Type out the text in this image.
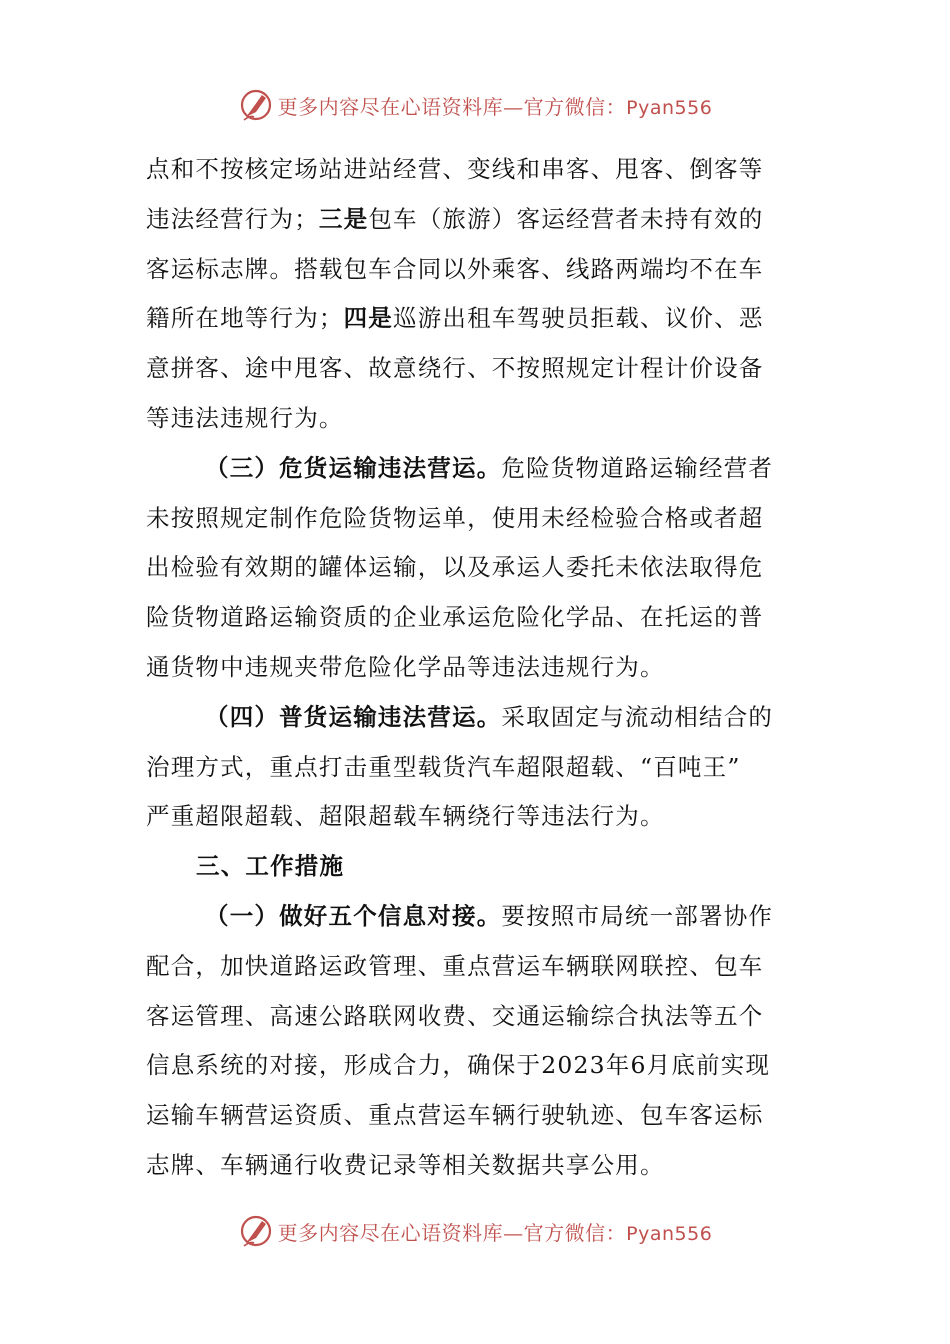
更多内容尽在心语资料库—官方微信：Pyan556
点和不按核定场站进站经营、变线和串客、甩客、倒客等
违法经营行为；三是包车（旅游）客运经营者未持有效的
客运标志牌。搭载包车合同以外乘客、线路两端均不在车
籍所在地等行为；四是巡游出租车驾驶员拒载、议价、恶
意拼客、途中甩客、故意绕行、不按照规定计程计价设备
等违法违规行为。
（三）危货运输违法营运。危险货物道路运输经营者
未按照规定制作危险货物运单，使用未经检验合格或者超
出检验有效期的罐体运输，以及承运人委托未依法取得危
险货物道路运输资质的企业承运危险化学品、在托运的普
通货物中违规夹带危险化学品等违法违规行为。
（四）普货运输违法营运。采取固定与流动相结合的
治理方式，重点打击重型载货汽车超限超载、“百吨王”
严重超限超载、超限超载车辆绕行等违法行为。
三、工作措施
（一）做好五个信息对接。要按照市局统一部署协作
配合，加快道路运政管理、重点营运车辆联网联控、包车
客运管理、高速公路联网收费、交通运输综合执法等五个
信息系统的对接，形成合力，确保于2023年6月底前实现
运输车辆营运资质、重点营运车辆行驶轨迹、包车客运标
志牌、车辆通行收费记录等相关数据共享公用。
更多内容尽在心语资料库—官方微信：Pyan556
